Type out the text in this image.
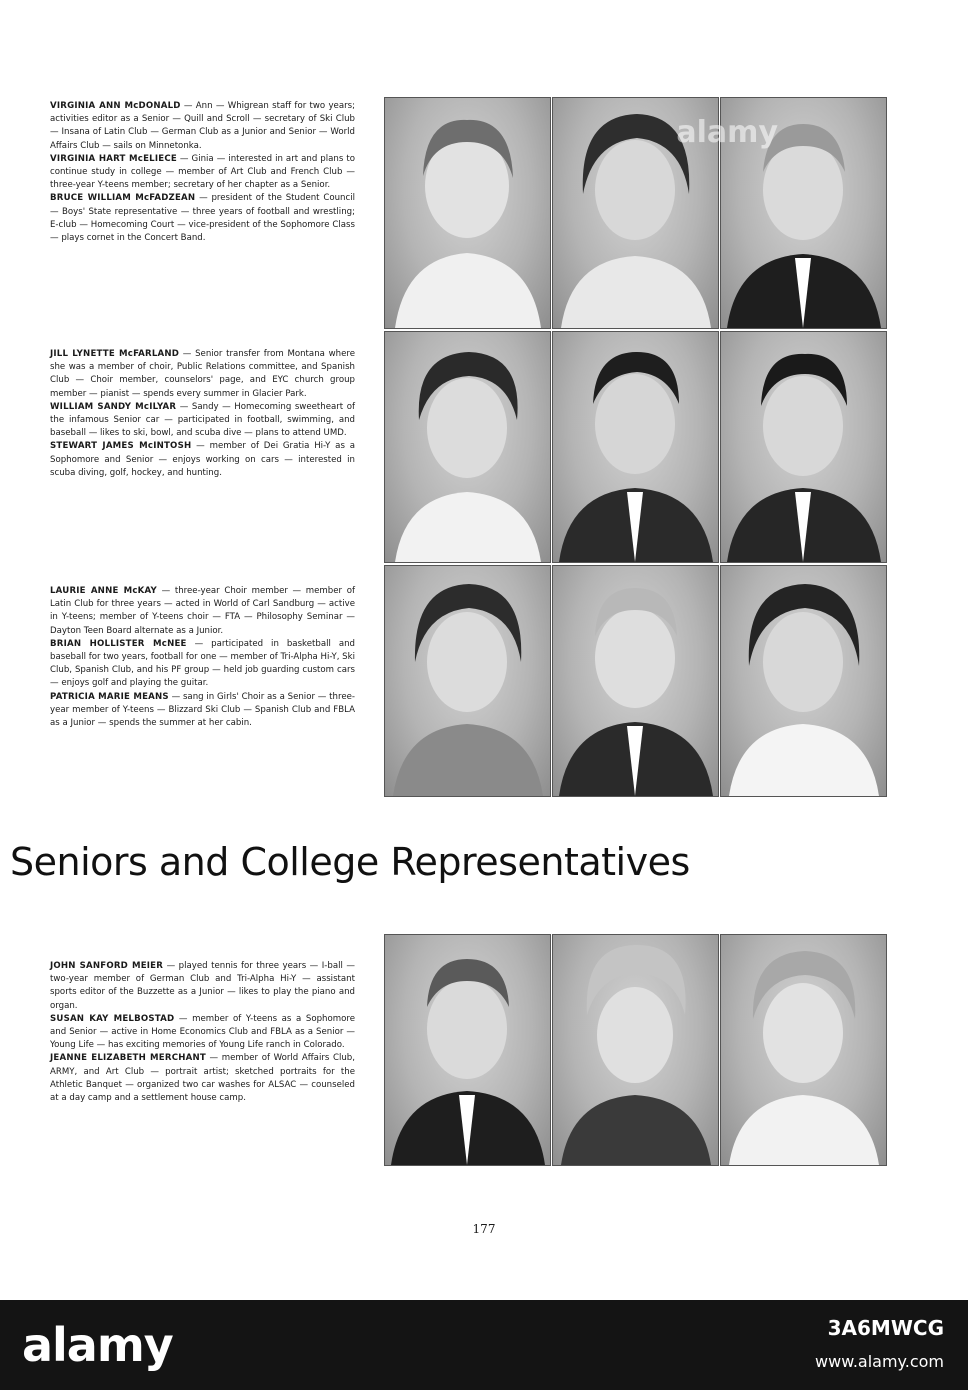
VIRGINIA ANN McDONALD — Ann — Whigrean staff for two years; activities editor as a Senior — Quill and Scroll — secretary of Ski Club — Insana of Latin Club — German Club as a Junior and Senior — World Affairs Club — sails on Minnetonka.

VIRGINIA HART McELIECE — Ginia — interested in art and plans to continue study in college — member of Art Club and French Club — three-year Y-teens member; secretary of her chapter as a Senior.

BRUCE WILLIAM McFADZEAN — president of the Student Council — Boys' State representative — three years of football and wrestling; E-club — Homecoming Court — vice-president of the Sophomore Class — plays cornet in the Concert Band.

JILL LYNETTE McFARLAND — Senior transfer from Montana where she was a member of choir, Public Relations committee, and Spanish Club — Choir member, counselors' page, and EYC church group member — pianist — spends every summer in Glacier Park.

WILLIAM SANDY McILYAR — Sandy — Homecoming sweetheart of the infamous Senior car — participated in football, swimming, and baseball — likes to ski, bowl, and scuba dive — plans to attend UMD.

STEWART JAMES McINTOSH — member of Dei Gratia Hi-Y as a Sophomore and Senior — enjoys working on cars — interested in scuba diving, golf, hockey, and hunting.

LAURIE ANNE McKAY — three-year Choir member — member of Latin Club for three years — acted in World of Carl Sandburg — active in Y-teens; member of Y-teens choir — FTA — Philosophy Seminar — Dayton Teen Board alternate as a Junior.

BRIAN HOLLISTER McNEE — participated in basketball and baseball for two years, football for one — member of Tri-Alpha Hi-Y, Ski Club, Spanish Club, and his PF group — held job guarding custom cars — enjoys golf and playing the guitar.

PATRICIA MARIE MEANS — sang in Girls' Choir as a Senior — three-year member of Y-teens — Blizzard Ski Club — Spanish Club and FBLA as a Junior — spends the summer at her cabin.

JOHN SANFORD MEIER — played tennis for three years — I-ball — two-year member of German Club and Tri-Alpha Hi-Y — assistant sports editor of the Buzzette as a Junior — likes to play the piano and organ.

SUSAN KAY MELBOSTAD — member of Y-teens as a Sophomore and Senior — active in Home Economics Club and FBLA as a Senior — Young Life — has exciting memories of Young Life ranch in Colorado.

JEANNE ELIZABETH MERCHANT — member of World Affairs Club, ARMY, and Art Club — portrait artist; sketched portraits for the Athletic Banquet — organized two car washes for ALSAC — counseled at a day camp and a settlement house camp.

Seniors and College Representatives
177
alamy
alamy	3A6MWCG
www.alamy.com
